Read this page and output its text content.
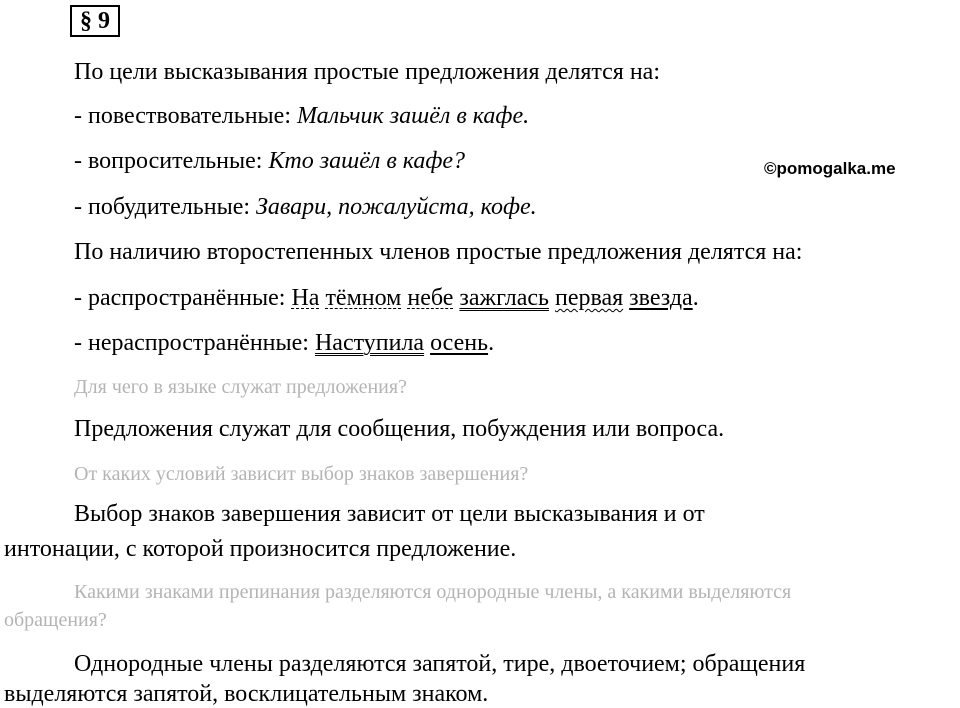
§ 9
©pomogalka.me
По цели высказывания простые предложения делятся на:
- повествовательные: Мальчик зашёл в кафе.
- вопросительные: Кто зашёл в кафе?
- побудительные: Завари, пожалуйста, кофе.
По наличию второстепенных членов простые предложения делятся на:
- распространённые: На тёмном небе зажглась первая звезда.
- нераспространённые: Наступила осень.
Для чего в языке служат предложения?
Предложения служат для сообщения, побуждения или вопроса.
От каких условий зависит выбор знаков завершения?
Выбор знаков завершения зависит от цели высказывания и от
интонации, с которой произносится предложение.
Какими знаками препинания разделяются однородные члены, а какими выделяются
обращения?
Однородные члены разделяются запятой, тире, двоеточием; обращения
выделяются запятой, восклицательным знаком.
